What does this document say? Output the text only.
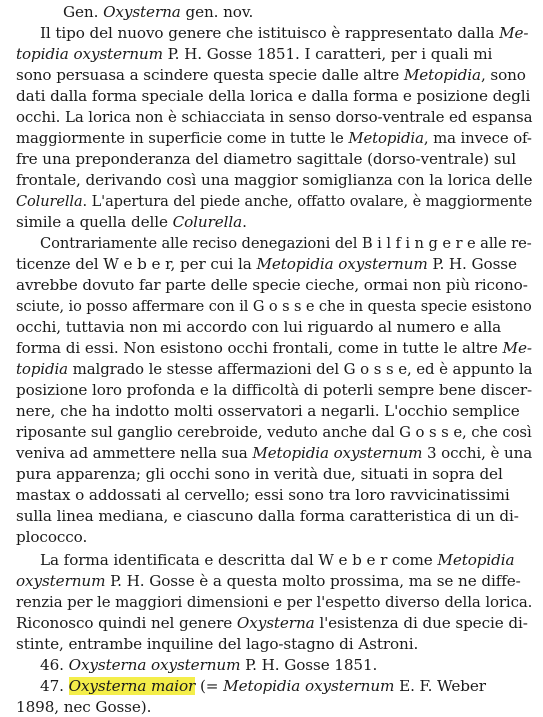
Gen. Oxysterna gen. nov.
Il tipo del nuovo genere che istituisco è rappresentato dalla Me-
topidia oxysternum P. H. Gosse 1851. I caratteri, per i quali mi
sono persuasa a scindere questa specie dalle altre Metopidia, sono
dati dalla forma speciale della lorica e dalla forma e posizione degli
occhi. La lorica non è schiacciata in senso dorso-ventrale ed espansa
maggiormente in superficie come in tutte le Metopidia, ma invece of-
fre una preponderanza del diametro sagittale (dorso-ventrale) sul
frontale, derivando così una maggior somiglianza con la lorica delle
Colurella. L'apertura del piede anche, offatto ovalare, è maggiormente
simile a quella delle Colurella.
Contrariamente alle reciso denegazioni del B i l f i n g e r e alle re-
ticenze del W e b e r, per cui la Metopidia oxysternum P. H. Gosse
avrebbe dovuto far parte delle specie cieche, ormai non più ricono-
sciute, io posso affermare con il G o s s e che in questa specie esistono
occhi, tuttavia non mi accordo con lui riguardo al numero e alla
forma di essi. Non esistono occhi frontali, come in tutte le altre Me-
topidia malgrado le stesse affermazioni del G o s s e, ed è appunto la
posizione loro profonda e la difficoltà di poterli sempre bene discer-
nere, che ha indotto molti osservatori a negarli. L'occhio semplice
riposante sul ganglio cerebroide, veduto anche dal G o s s e, che così
veniva ad ammettere nella sua Metopidia oxysternum 3 occhi, è una
pura apparenza; gli occhi sono in verità due, situati in sopra del
mastax o addossati al cervello; essi sono tra loro ravvicinatissimi
sulla linea mediana, e ciascuno dalla forma caratteristica di un di-
plococco.
La forma identificata e descritta dal W e b e r come Metopidia
oxysternum P. H. Gosse è a questa molto prossima, ma se ne diffe-
renzia per le maggiori dimensioni e per l'espetto diverso della lorica.
Riconosco quindi nel genere Oxysterna l'esistenza di due specie di-
stinte, entrambe inquiline del lago-stagno di Astroni.
46. Oxysterna oxysternum P. H. Gosse 1851.
47. Oxysterna maior (= Metopidia oxysternum E. F. Weber
1898, nec Gosse).
